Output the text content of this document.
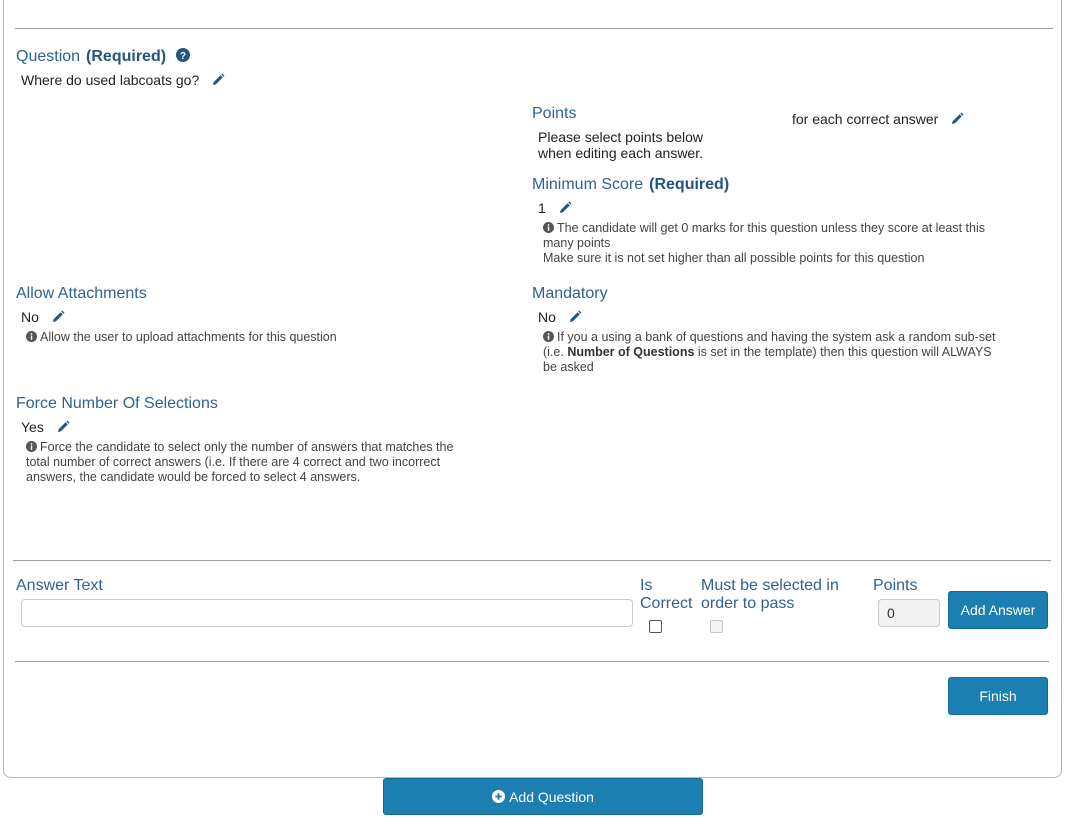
Question (Required) ?
Where do used labcoats go?
Points
Please select points below
when editing each answer.
for each correct answer
Minimum Score (Required)
1
The candidate will get 0 marks for this question unless they score at least this
many points
Make sure it is not set higher than all possible points for this question
Allow Attachments
No
Allow the user to upload attachments for this question
Mandatory
No
If you a using a bank of questions and having the system ask a random sub-set
(i.e. Number of Questions is set in the template) then this question will ALWAYS
be asked
Force Number Of Selections
Yes
Force the candidate to select only the number of answers that matches the
total number of correct answers (i.e. If there are 4 correct and two incorrect
answers, the candidate would be forced to select 4 answers.
Answer Text	Is
Correct
Must be selected in
order to pass
Points
0
Add Answer
Finish
Add Question
